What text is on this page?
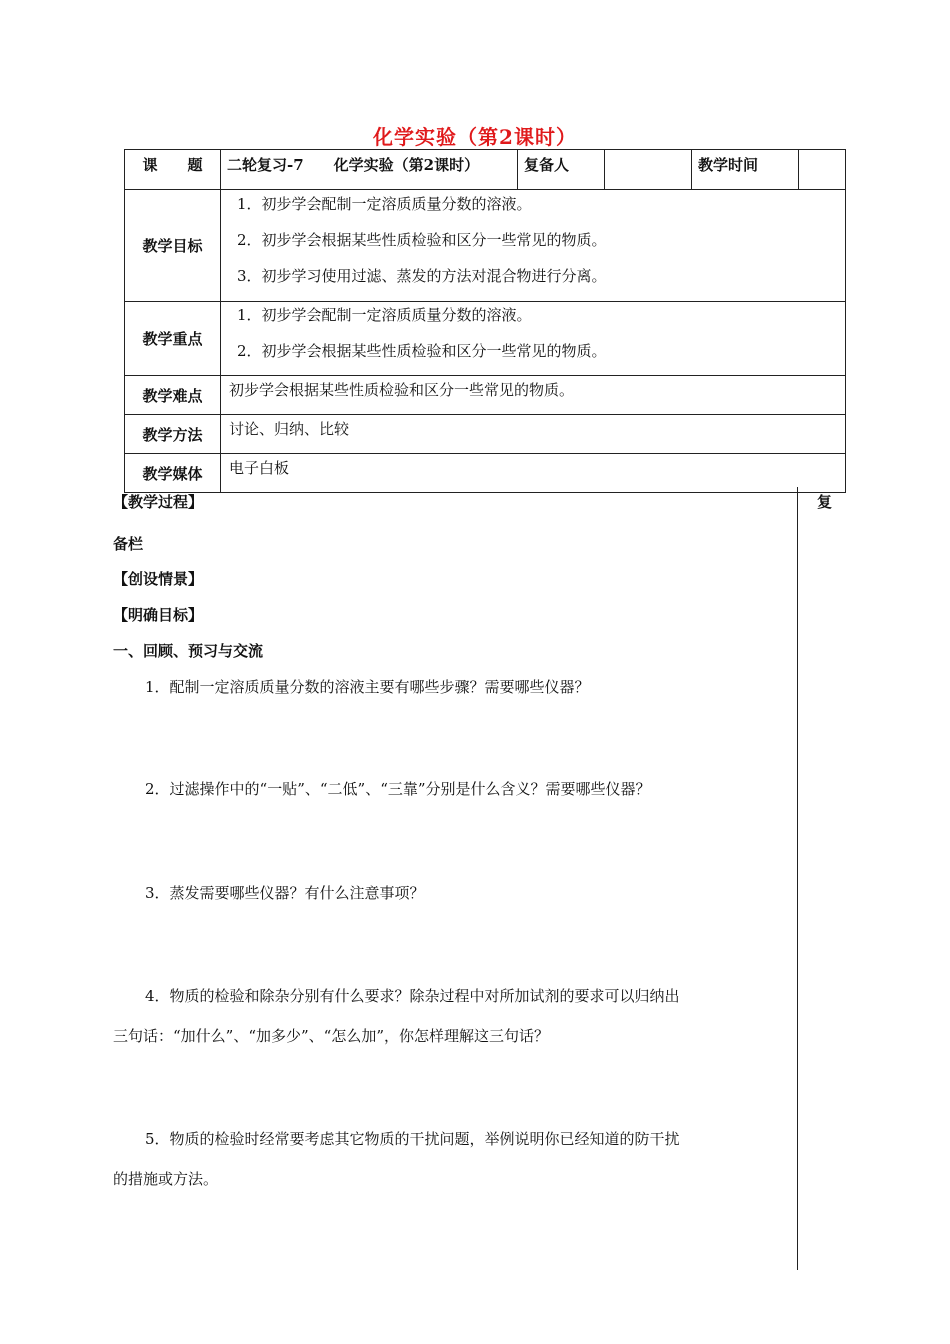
化学实验（第2课时）
课　　题	二轮复习-7　　化学实验（第2课时）	复备人		教学时间	
教学目标	1．初步学会配制一定溶质质量分数的溶液。
2．初步学会根据某些性质检验和区分一些常见的物质。
3．初步学习使用过滤、蒸发的方法对混合物进行分离。				

教学重点	1．初步学会配制一定溶质质量分数的溶液。
2．初步学会根据某些性质检验和区分一些常见的物质。				

教学难点	初步学会根据某些性质检验和区分一些常见的物质。				
教学方法	讨论、归纳、比较				
教学媒体	电子白板				
复
【教学过程】
备栏
【创设情景】
【明确目标】
一、回顾、预习与交流
1．配制一定溶质质量分数的溶液主要有哪些步骤？需要哪些仪器？
2．过滤操作中的“一贴”、“二低”、“三靠”分别是什么含义？需要哪些仪器？
3．蒸发需要哪些仪器？有什么注意事项？
4．物质的检验和除杂分别有什么要求？除杂过程中对所加试剂的要求可以归纳出
三句话：“加什么”、“加多少”、“怎么加”，你怎样理解这三句话？
5．物质的检验时经常要考虑其它物质的干扰问题，举例说明你已经知道的防干扰
的措施或方法。
